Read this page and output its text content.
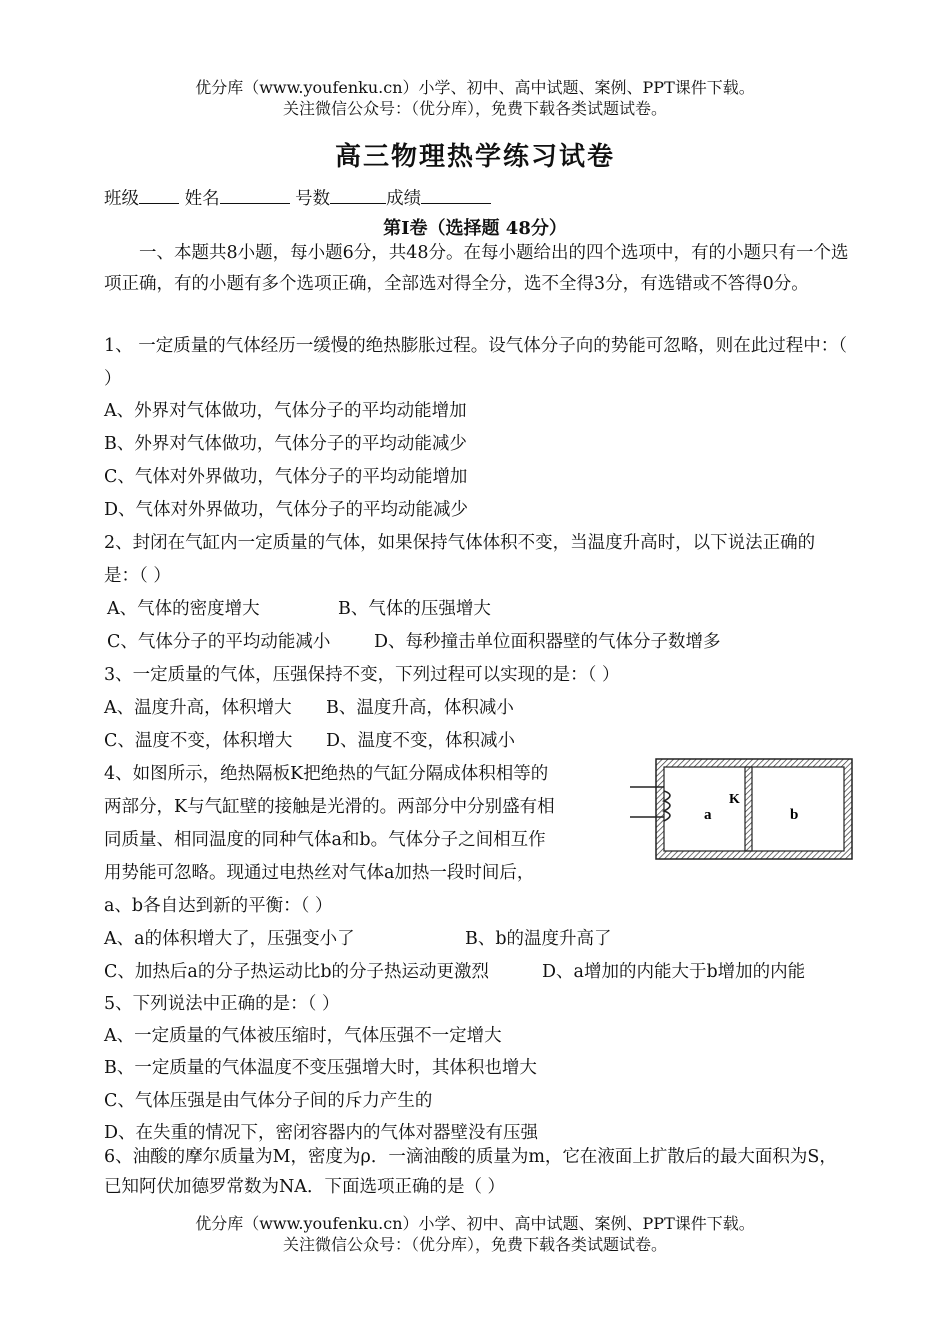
优分库（www.youfenku.cn）小学、初中、高中试题、案例、PPT课件下载。
关注微信公众号：（优分库），免费下载各类试题试卷。
高三物理热学练习试卷
班级	姓名	号数	成绩
第Ⅰ卷（选择题 48分）
一、本题共8小题，每小题6分，共48分。在每小题给出的四个选项中，有的小题只有一个选项正确，有的小题有多个选项正确，全部选对得全分，选不全得3分，有选错或不答得0分。
1、 一定质量的气体经历一缓慢的绝热膨胀过程。设气体分子向的势能可忽略，则在此过程中：（ ）
A、外界对气体做功，气体分子的平均动能增加
B、外界对气体做功，气体分子的平均动能减少
C、气体对外界做功，气体分子的平均动能增加
D、气体对外界做功，气体分子的平均动能减少
2、封闭在气缸内一定质量的气体，如果保持气体体积不变，当温度升高时，以下说法正确的是：（ ）
A、气体的密度增大	B、气体的压强增大
C、气体分子的平均动能减小	D、每秒撞击单位面积器壁的气体分子数增多
3、一定质量的气体，压强保持不变，下列过程可以实现的是：（ ）
A、温度升高，体积增大	B、温度升高，体积减小
C、温度不变，体积增大	D、温度不变，体积减小
4、如图所示，绝热隔板K把绝热的气缸分隔成体积相等的
两部分，K与气缸壁的接触是光滑的。两部分中分别盛有相
同质量、相同温度的同种气体a和b。气体分子之间相互作
用势能可忽略。现通过电热丝对气体a加热一段时间后，
a、b各自达到新的平衡：（ ）
a
K
b
A、a的体积增大了，压强变小了	B、b的温度升高了
C、加热后a的分子热运动比b的分子热运动更激烈	D、a增加的内能大于b增加的内能
5、下列说法中正确的是：（ ）
A、一定质量的气体被压缩时，气体压强不一定增大
B、一定质量的气体温度不变压强增大时，其体积也增大
C、气体压强是由气体分子间的斥力产生的
D、在失重的情况下，密闭容器内的气体对器壁没有压强
6、油酸的摩尔质量为M，密度为ρ．一滴油酸的质量为m，它在液面上扩散后的最大面积为S，已知阿伏加德罗常数为NA．下面选项正确的是（ ）
优分库（www.youfenku.cn）小学、初中、高中试题、案例、PPT课件下载。
关注微信公众号：（优分库），免费下载各类试题试卷。
